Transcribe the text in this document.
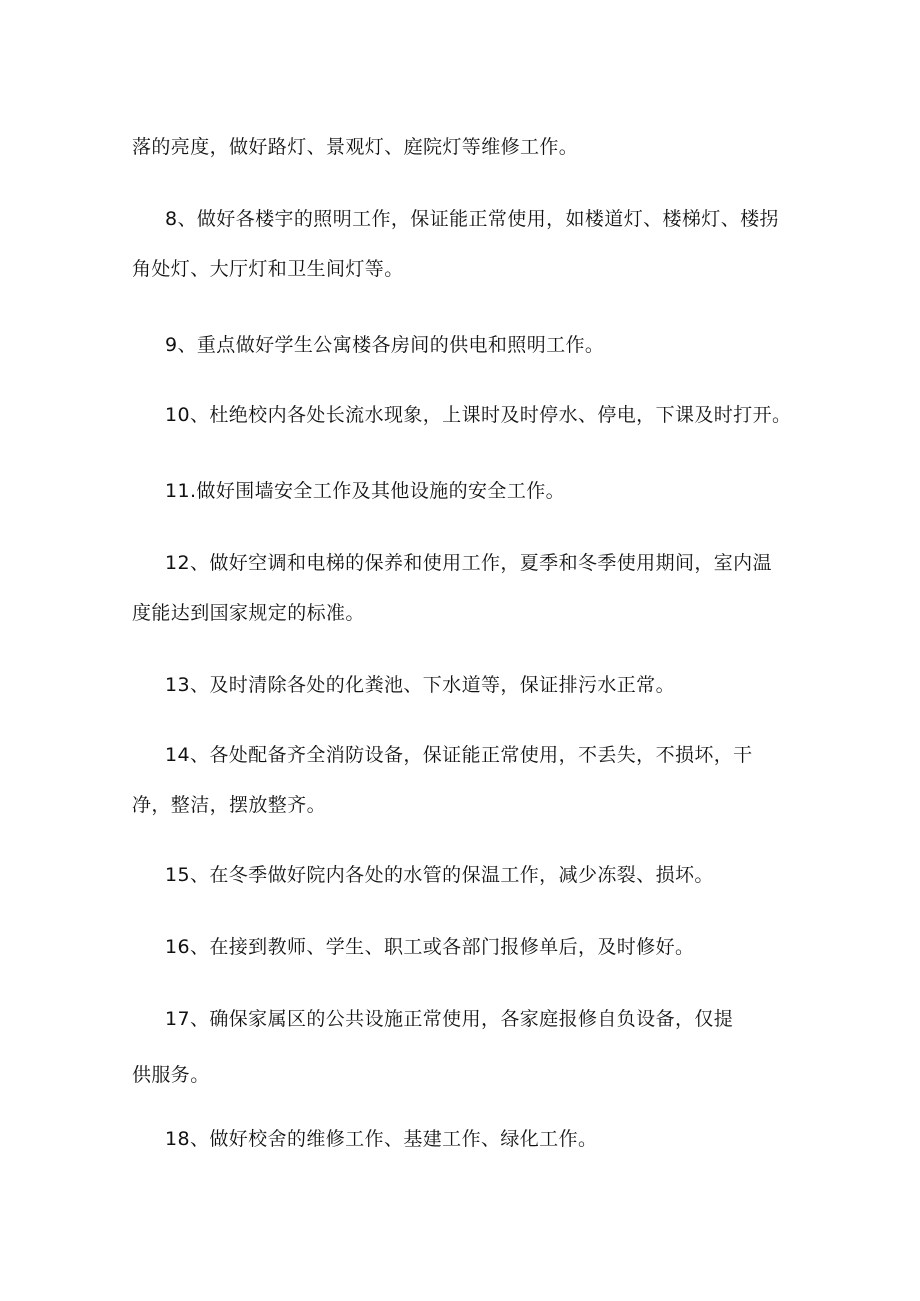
落的亮度，做好路灯、景观灯、庭院灯等维修工作。
8、做好各楼宇的照明工作，保证能正常使用，如楼道灯、楼梯灯、楼拐
角处灯、大厅灯和卫生间灯等。
9、重点做好学生公寓楼各房间的供电和照明工作。
10、杜绝校内各处长流水现象，上课时及时停水、停电，下课及时打开。
11.做好围墙安全工作及其他设施的安全工作。
12、做好空调和电梯的保养和使用工作，夏季和冬季使用期间，室内温
度能达到国家规定的标准。
13、及时清除各处的化粪池、下水道等，保证排污水正常。
14、各处配备齐全消防设备，保证能正常使用，不丢失，不损坏，干
净，整洁，摆放整齐。
15、在冬季做好院内各处的水管的保温工作，减少冻裂、损坏。
16、在接到教师、学生、职工或各部门报修单后，及时修好。
17、确保家属区的公共设施正常使用，各家庭报修自负设备，仅提
供服务。
18、做好校舍的维修工作、基建工作、绿化工作。
